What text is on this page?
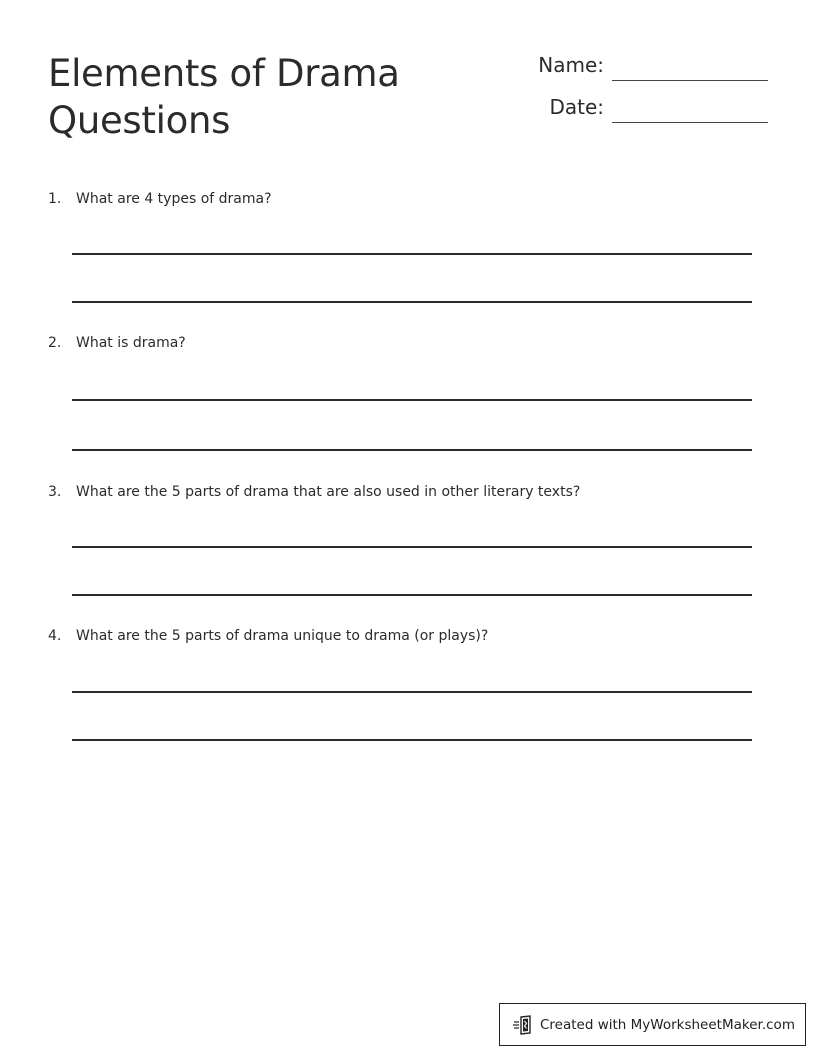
Elements of Drama
Questions
Name:
Date:
1.	What are 4 types of drama?
2.	What is drama?
3.	What are the 5 parts of drama that are also used in other literary texts?
4.	What are the 5 parts of drama unique to drama (or plays)?
Created with MyWorksheetMaker.com
